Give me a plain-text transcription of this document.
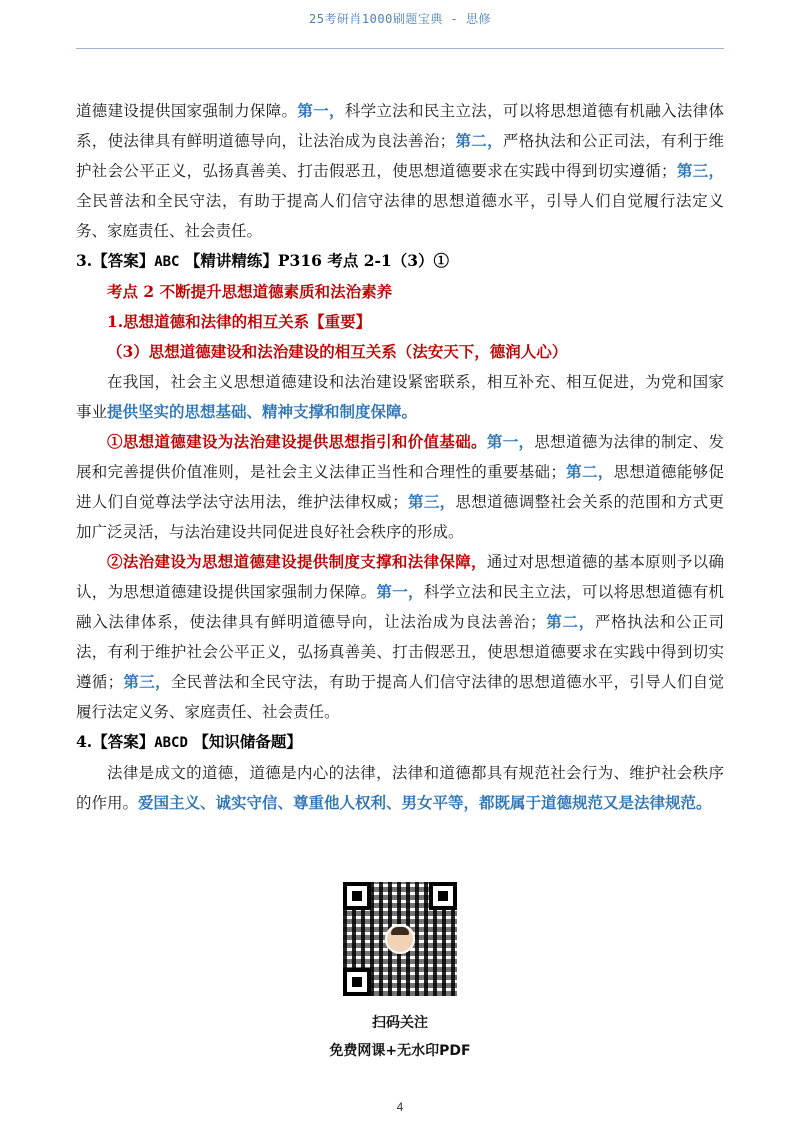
25考研肖1000刷题宝典 - 思修

道德建设提供国家强制力保障。第一，科学立法和民主立法，可以将思想道德有机融入法律体系，使法律具有鲜明道德导向，让法治成为良法善治；第二，严格执法和公正司法，有利于维护社会公平正义，弘扬真善美、打击假恶丑，使思想道德要求在实践中得到切实遵循；第三，全民普法和全民守法，有助于提高人们信守法律的思想道德水平，引导人们自觉履行法定义务、家庭责任、社会责任。

3.【答案】ABC 【精讲精练】P316 考点 2-1（3）①

考点 2 不断提升思想道德素质和法治素养

1.思想道德和法律的相互关系【重要】

（3）思想道德建设和法治建设的相互关系（法安天下，德润人心）

在我国，社会主义思想道德建设和法治建设紧密联系，相互补充、相互促进，为党和国家事业提供坚实的思想基础、精神支撑和制度保障。

①思想道德建设为法治建设提供思想指引和价值基础。第一，思想道德为法律的制定、发展和完善提供价值准则，是社会主义法律正当性和合理性的重要基础；第二，思想道德能够促进人们自觉尊法学法守法用法，维护法律权威；第三，思想道德调整社会关系的范围和方式更加广泛灵活，与法治建设共同促进良好社会秩序的形成。

②法治建设为思想道德建设提供制度支撑和法律保障，通过对思想道德的基本原则予以确认，为思想道德建设提供国家强制力保障。第一，科学立法和民主立法，可以将思想道德有机融入法律体系，使法律具有鲜明道德导向，让法治成为良法善治；第二，严格执法和公正司法，有利于维护社会公平正义，弘扬真善美、打击假恶丑，使思想道德要求在实践中得到切实遵循；第三，全民普法和全民守法，有助于提高人们信守法律的思想道德水平，引导人们自觉履行法定义务、家庭责任、社会责任。

4.【答案】ABCD 【知识储备题】

法律是成文的道德，道德是内心的法律，法律和道德都具有规范社会行为、维护社会秩序的作用。爱国主义、诚实守信、尊重他人权利、男女平等，都既属于道德规范又是法律规范。

扫码关注
免费网课+无水印PDF
4
